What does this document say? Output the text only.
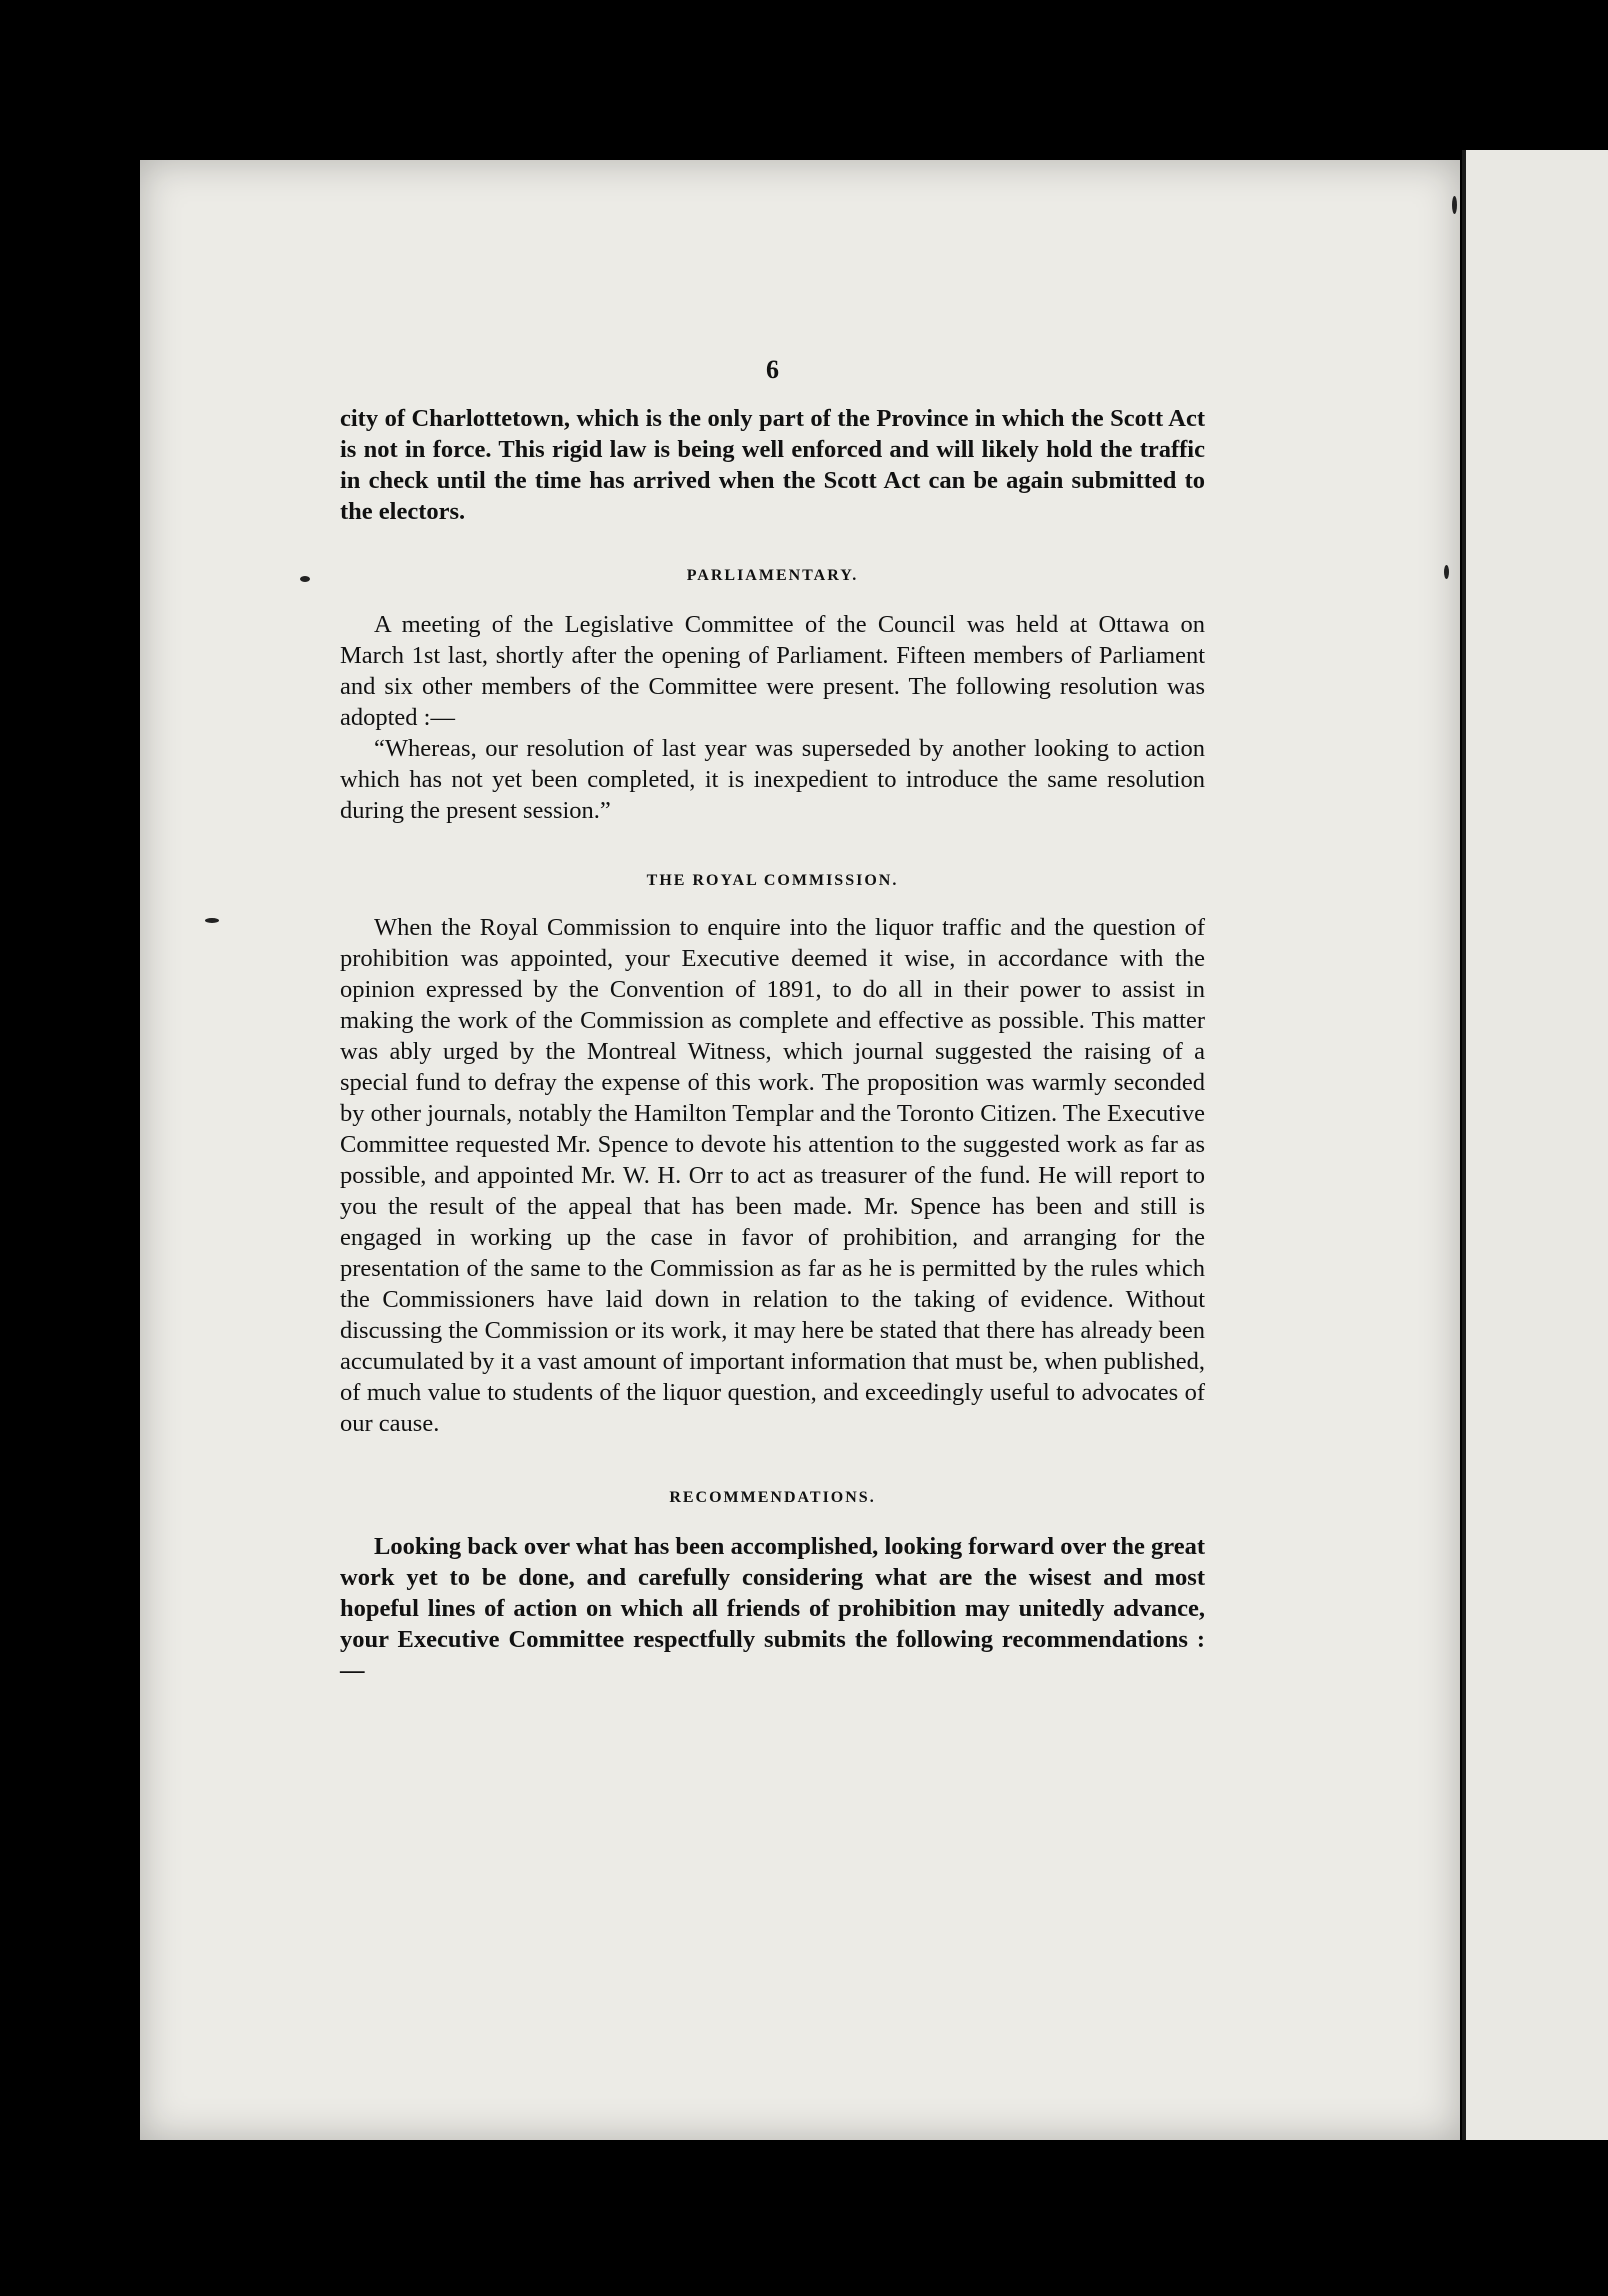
6

city of Charlottetown, which is the only part of the Province in which the Scott Act is not in force. This rigid law is being well enforced and will likely hold the traffic in check until the time has arrived when the Scott Act can be again submitted to the electors.

PARLIAMENTARY.

A meeting of the Legislative Committee of the Council was held at Ottawa on March 1st last, shortly after the opening of Parliament. Fifteen members of Parliament and six other members of the Committee were present. The following resolution was adopted :—

“Whereas, our resolution of last year was superseded by another looking to action which has not yet been completed, it is inexpedient to introduce the same resolution during the present session.”

THE ROYAL COMMISSION.

When the Royal Commission to enquire into the liquor traffic and the question of prohibition was appointed, your Executive deemed it wise, in accordance with the opinion expressed by the Convention of 1891, to do all in their power to assist in making the work of the Commission as complete and effective as possible. This matter was ably urged by the Montreal Witness, which journal suggested the raising of a special fund to defray the expense of this work. The proposition was warmly seconded by other journals, notably the Hamilton Templar and the Toronto Citizen. The Executive Committee requested Mr. Spence to devote his attention to the suggested work as far as possible, and appointed Mr. W. H. Orr to act as treasurer of the fund. He will report to you the result of the appeal that has been made. Mr. Spence has been and still is engaged in working up the case in favor of prohibition, and arranging for the presentation of the same to the Commission as far as he is permitted by the rules which the Commissioners have laid down in relation to the taking of evidence. Without discussing the Commission or its work, it may here be stated that there has already been accumulated by it a vast amount of important information that must be, when published, of much value to students of the liquor question, and exceedingly useful to advocates of our cause.

RECOMMENDATIONS.

Looking back over what has been accomplished, looking forward over the great work yet to be done, and carefully considering what are the wisest and most hopeful lines of action on which all friends of prohibition may unitedly advance, your Executive Committee respectfully submits the following recommendations :—
